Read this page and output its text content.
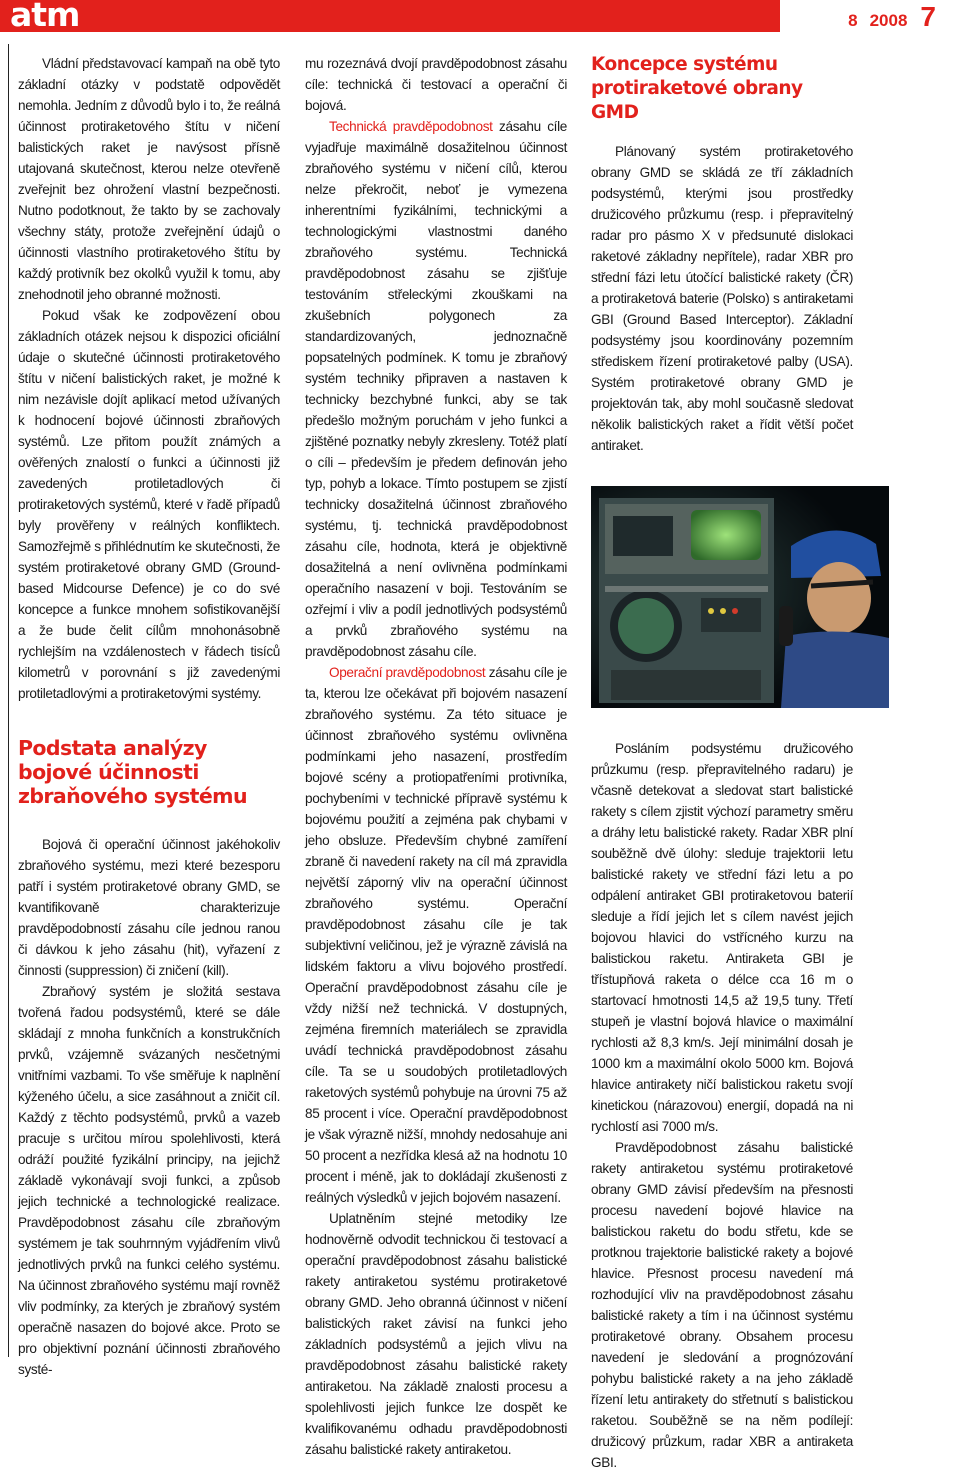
atm	8 2008 7

Vládní představovací kampaň na obě tyto základní otázky v podstatě odpovědět nemohla. Jedním z důvodů bylo i to, že reálná účinnost protiraketového štítu v ničení balistických raket je navýsost přísně utajovaná skutečnost, kterou nelze otevřeně zveřejnit bez ohrožení vlastní bezpečnosti. Nutno podotknout, že takto by se zachovaly všechny státy, protože zveřejnění údajů o účinnosti vlastního protiraketového štítu by každý protivník bez okolků využil k tomu, aby znehodnotil jeho obranné možnosti.

Pokud však ke zodpovězení obou základních otázek nejsou k dispozici oficiální údaje o skutečné účinnosti protiraketového štítu v ničení balistických raket, je možné k nim nezávisle dojít aplikací metod užívaných k hodnocení bojové účinnosti zbraňových systémů. Lze přitom použít známých a ověřených znalostí o funkci a účinnosti již zavedených protiletadlových či protiraketových systémů, které v řadě případů byly prověřeny v reálných konfliktech. Samozřejmě s přihlédnutím ke skutečnosti, že systém protiraketové obrany GMD (Ground-based Midcourse Defence) je co do své koncepce a funkce mnohem sofistikovanější a že bude čelit cílům mnohonásobně rychlejším na vzdálenostech v řádech tisíců kilometrů v porovnání s již zavedenými protiletadlovými a protiraketovými systémy.

Podstata analýzy bojové účinnosti zbraňového systému

Bojová či operační účinnost jakéhokoliv zbraňového systému, mezi které bezesporu patří i systém protiraketové obrany GMD, se kvantifikovaně charakterizuje pravděpodobností zásahu cíle jednou ranou či dávkou k jeho zásahu (hit), vyřazení z činnosti (suppression) či zničení (kill).

Zbraňový systém je složitá sestava tvořená řadou podsystémů, které se dále skládají z mnoha funkčních a konstrukčních prvků, vzájemně svázaných nesčetnými vnitřními vazbami. To vše směřuje k naplnění kýženého účelu, a sice zasáhnout a zničit cíl. Každý z těchto podsystémů, prvků a vazeb pracuje s určitou mírou spolehlivosti, která odráží použité fyzikální principy, na jejichž základě vykonávají svoji funkci, a způsob jejich technické a technologické realizace. Pravděpodobnost zásahu cíle zbraňovým systémem je tak souhrnným vyjádřením vlivů jednotlivých prvků na funkci celého systému. Na účinnost zbraňového systému mají rovněž vliv podmínky, za kterých je zbraňový systém operačně nasazen do bojové akce. Proto se pro objektivní poznání účinnosti zbraňového systé-

mu rozeznává dvojí pravděpodobnost zásahu cíle: technická či testovací a operační či bojová.

Technická pravděpodobnost zásahu cíle vyjadřuje maximálně dosažitelnou účinnost zbraňového systému v ničení cílů, kterou nelze překročit, neboť je vymezena inherentními fyzikálními, technickými a technologickými vlastnostmi daného zbraňového systému. Technická pravděpodobnost zásahu se zjišťuje testováním střeleckými zkouškami na zkušebních polygonech za standardizovaných, jednoznačně popsatelných podmínek. K tomu je zbraňový systém techniky připraven a nastaven k technicky bezchybné funkci, aby se tak předešlo možným poruchám v jeho funkci a zjištěné poznatky nebyly zkresleny. Totéž platí o cíli – především je předem definován jeho typ, pohyb a lokace. Tímto postupem se zjistí technicky dosažitelná účinnost zbraňového systému, tj. technická pravděpodobnost zásahu cíle, hodnota, která je objektivně dosažitelná a není ovlivněna podmínkami operačního nasazení v boji. Testováním se ozřejmí i vliv a podíl jednotlivých podsystémů a prvků zbraňového systému na pravděpodobnost zásahu cíle.

Operační pravděpodobnost zásahu cíle je ta, kterou lze očekávat při bojovém nasazení zbraňového systému. Za této situace je účinnost zbraňového systému ovlivněna podmínkami jeho nasazení, prostředím bojové scény a protiopatřeními protivníka, pochybeními v technické přípravě systému k bojovému použití a zejména pak chybami v jeho obsluze. Především chybné zamíření zbraně či navedení rakety na cíl má zpravidla největší záporný vliv na operační účinnost zbraňového systému. Operační pravděpodobnost zásahu cíle je tak subjektivní veličinou, jež je výrazně závislá na lidském faktoru a vlivu bojového prostředí. Operační pravděpodobnost zásahu cíle je vždy nižší než technická. V dostupných, zejména firemních materiálech se zpravidla uvádí technická pravděpodobnost zásahu cíle. Ta se u soudobých protiletadlových raketových systémů pohybuje na úrovni 75 až 85 procent i více. Operační pravděpodobnost je však výrazně nižší, mnohdy nedosahuje ani 50 procent a nezřídka klesá až na hodnotu 10 procent i méně, jak to dokládají zkušenosti z reálných výsledků v jejich bojovém nasazení.

Uplatněním stejné metodiky lze hodnověrně odvodit technickou či testovací a operační pravděpodobnost zásahu balistické rakety antiraketou systému protiraketové obrany GMD. Jeho obranná účinnost v ničení balistických raket závisí na funkci jeho základních podsystémů a jejich vlivu na pravděpodobnost zásahu balistické rakety antiraketou. Na základě znalosti procesu a spolehlivosti jejich funkce lze dospět ke kvalifikovanému odhadu pravděpodobnosti zásahu balistické rakety antiraketou.

Koncepce systému protiraketové obrany GMD

Plánovaný systém protiraketového obrany GMD se skládá ze tří základních podsystémů, kterými jsou prostředky družicového průzkumu (resp. i přepravitelný radar pro pásmo X v předsunuté dislokaci raketové základny nepřítele), radar XBR pro střední fázi letu útočící balistické rakety (ČR) a protiraketová baterie (Polsko) s antiraketami GBI (Ground Based Interceptor). Základní podsystémy jsou koordinovány pozemním střediskem řízení protiraketové palby (USA). Systém protiraketové obrany GMD je projektován tak, aby mohl současně sledovat několik balistických raket a řídit větší počet antiraket.

Posláním podsystému družicového průzkumu (resp. přepravitelného radaru) je včasně detekovat a sledovat start balistické rakety s cílem zjistit výchozí parametry směru a dráhy letu balistické rakety. Radar XBR plní souběžně dvě úlohy: sleduje trajektorii letu balistické rakety ve střední fázi letu a po odpálení antiraket GBI protiraketovou baterií sleduje a řídí jejich let s cílem navést jejich bojovou hlavici do vstřícného kurzu na balistickou raketu. Antiraketa GBI je třístupňová raketa o délce cca 16 m o startovací hmotnosti 14,5 až 19,5 tuny. Třetí stupeň je vlastní bojová hlavice o maximální rychlosti až 8,3 km/s. Její minimální dosah je 1000 km a maximální okolo 5000 km. Bojová hlavice antirakety ničí balistickou raketu svojí kinetickou (nárazovou) energií, dopadá na ni rychlostí asi 7000 m/s.

Pravděpodobnost zásahu balistické rakety antiraketou systému protiraketové obrany GMD závisí především na přesnosti procesu navedení bojové hlavice na balistickou raketu do bodu střetu, kde se protknou trajektorie balistické rakety a bojové hlavice. Přesnost procesu navedení má rozhodující vliv na pravděpodobnost zásahu balistické rakety a tím i na účinnost systému protiraketové obrany. Obsahem procesu navedení je sledování a prognózování pohybu balistické rakety a na jeho základě řízení letu antirakety do střetnutí s balistickou raketou. Souběžně se na něm podílejí: družicový průzkum, radar XBR a antiraketa GBI.
